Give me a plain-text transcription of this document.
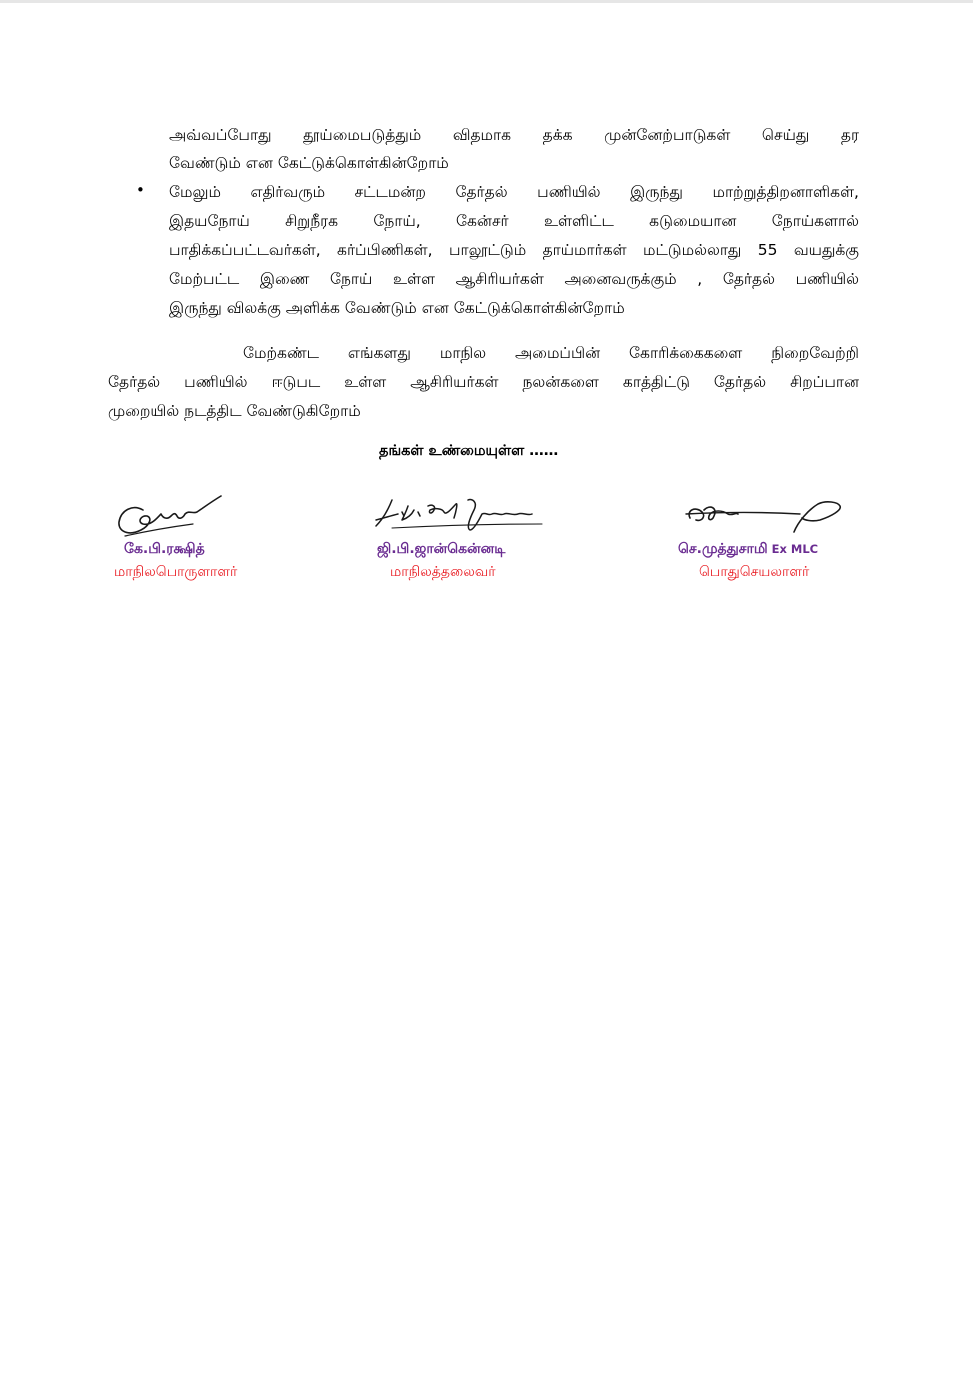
அவ்வப்போது தூய்மைபடுத்தும் விதமாக தக்க முன்னேற்பாடுகள் செய்து தர
வேண்டும் என கேட்டுக்கொள்கின்றோம்
• மேலும் எதிர்வரும் சட்டமன்ற தேர்தல் பணியில் இருந்து மாற்றுத்திறனாளிகள்,
இதயநோய் சிறுநீரக நோய், கேன்சர் உள்ளிட்ட கடுமையான நோய்களால்
பாதிக்கப்பட்டவர்கள், கர்ப்பிணிகள், பாலூட்டும் தாய்மார்கள் மட்டுமல்லாது 55 வயதுக்கு
மேற்பட்ட இணை நோய் உள்ள ஆசிரியர்கள் அனைவருக்கும் , தேர்தல் பணியில்
இருந்து விலக்கு அளிக்க வேண்டும் என கேட்டுக்கொள்கின்றோம்
மேற்கண்ட எங்களது மாநில அமைப்பின் கோரிக்கைகளை நிறைவேற்றி
தேர்தல் பணியில் ஈடுபட உள்ள ஆசிரியர்கள் நலன்களை காத்திட்டு தேர்தல் சிறப்பான
முறையில் நடத்திட வேண்டுகிறோம்
தங்கள் உண்மையுள்ள ……
கே.பி.ரக்ஷித்
மாநிலபொருளாளர்
ஜி.பி.ஜான்கென்னடி
மாநிலத்தலைவர்
செ.முத்துசாமி Ex MLC
பொதுசெயலாளர்
